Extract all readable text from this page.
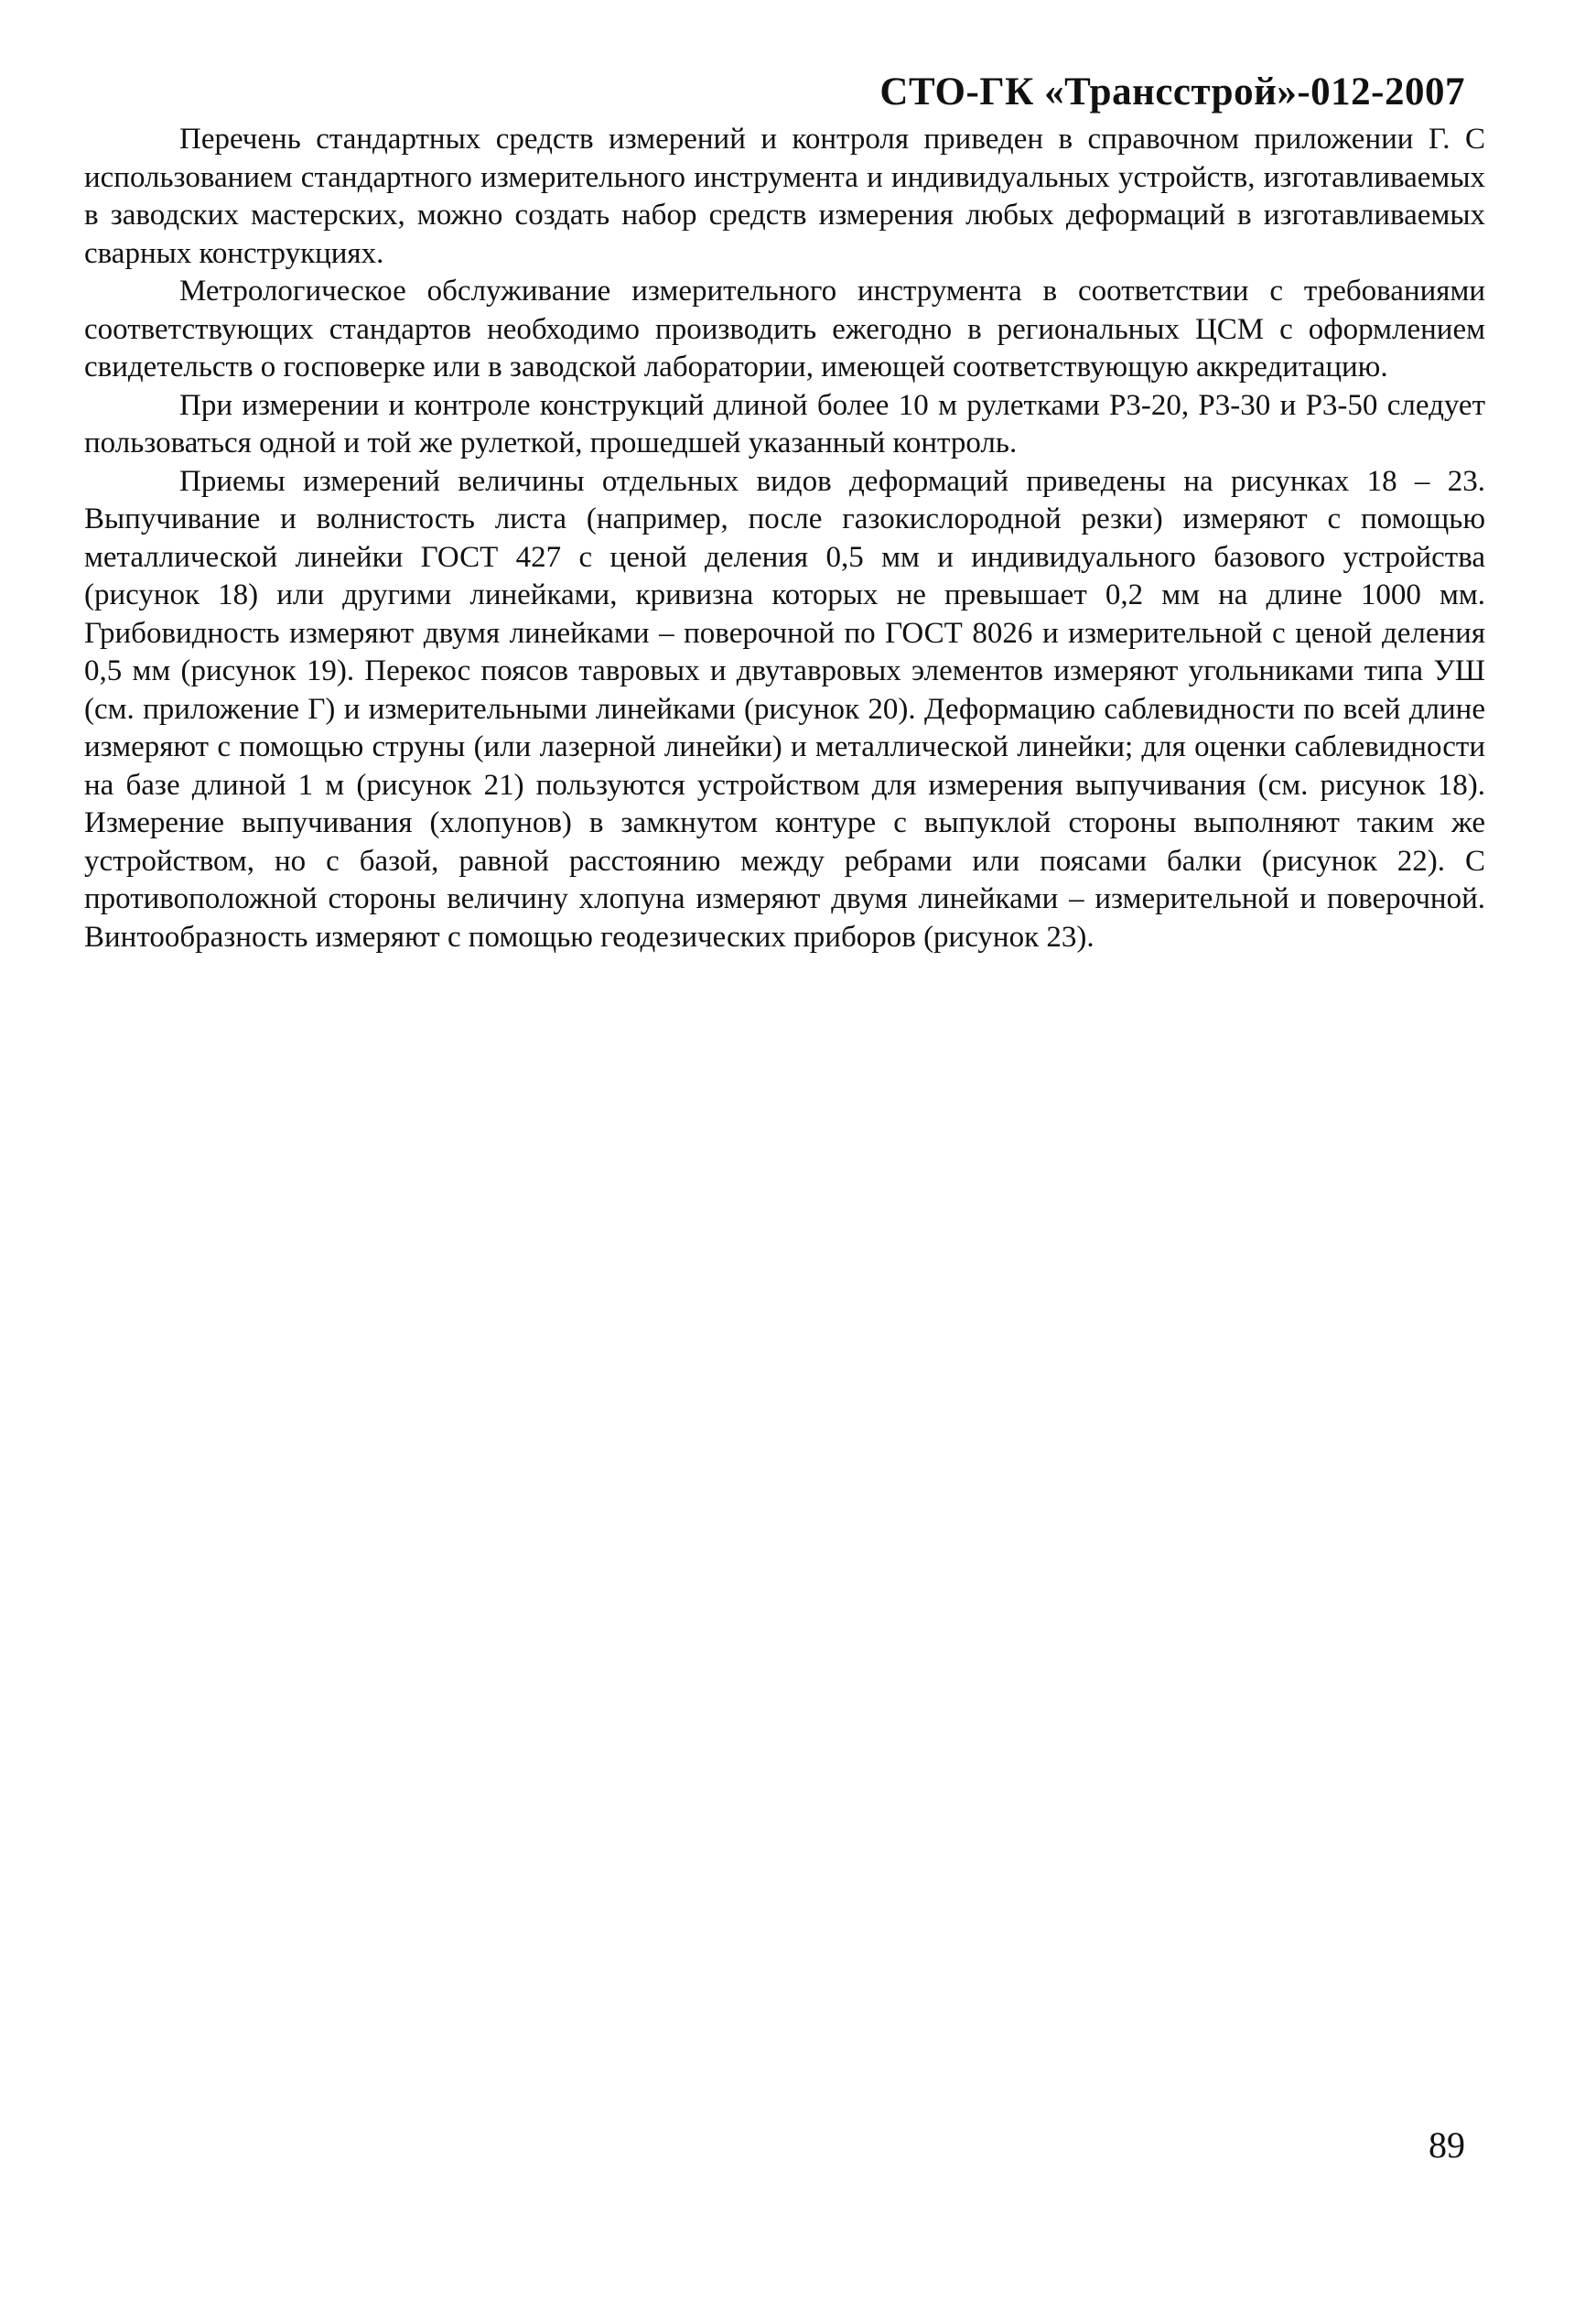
СТО-ГК «Трансстрой»-012-2007

Перечень стандартных средств измерений и контроля приведен в справочном приложении Г. С использованием стандартного измерительного инструмента и индивидуальных устройств, изготавливаемых в заводских мастерских, можно создать набор средств измерения любых деформаций в изготавливаемых сварных конструкциях.

Метрологическое обслуживание измерительного инструмента в соответствии с требованиями соответствующих стандартов необходимо производить ежегодно в региональных ЦСМ с оформлением свидетельств о госповерке или в заводской лаборатории, имеющей соответствующую аккредитацию.

При измерении и контроле конструкций длиной более 10 м рулетками Р3-20, Р3-30 и Р3-50 следует пользоваться одной и той же рулеткой, прошедшей указанный контроль.

Приемы измерений величины отдельных видов деформаций приведены на рисунках 18 – 23. Выпучивание и волнистость листа (например, после газокислородной резки) измеряют с помощью металлической линейки ГОСТ 427 с ценой деления 0,5 мм и индивидуального базового устройства (рисунок 18) или другими линейками, кривизна которых не превышает 0,2 мм на длине 1000 мм. Грибовидность измеряют двумя линейками – поверочной по ГОСТ 8026 и измерительной с ценой деления 0,5 мм (рисунок 19). Перекос поясов тавровых и двутавровых элементов измеряют угольниками типа УШ (см. приложение Г) и измерительными линейками (рисунок 20). Деформацию саблевидности по всей длине измеряют с помощью струны (или лазерной линейки) и металлической линейки; для оценки саблевидности на базе длиной 1 м (рисунок 21) пользуются устройством для измерения выпучивания (см. рисунок 18). Измерение выпучивания (хлопунов) в замкнутом контуре с выпуклой стороны выполняют таким же устройством, но с базой, равной расстоянию между ребрами или поясами балки (рисунок 22). С противоположной стороны величину хлопуна измеряют двумя линейками – измерительной и поверочной. Винтообразность измеряют с помощью геодезических приборов (рисунок 23).

89
